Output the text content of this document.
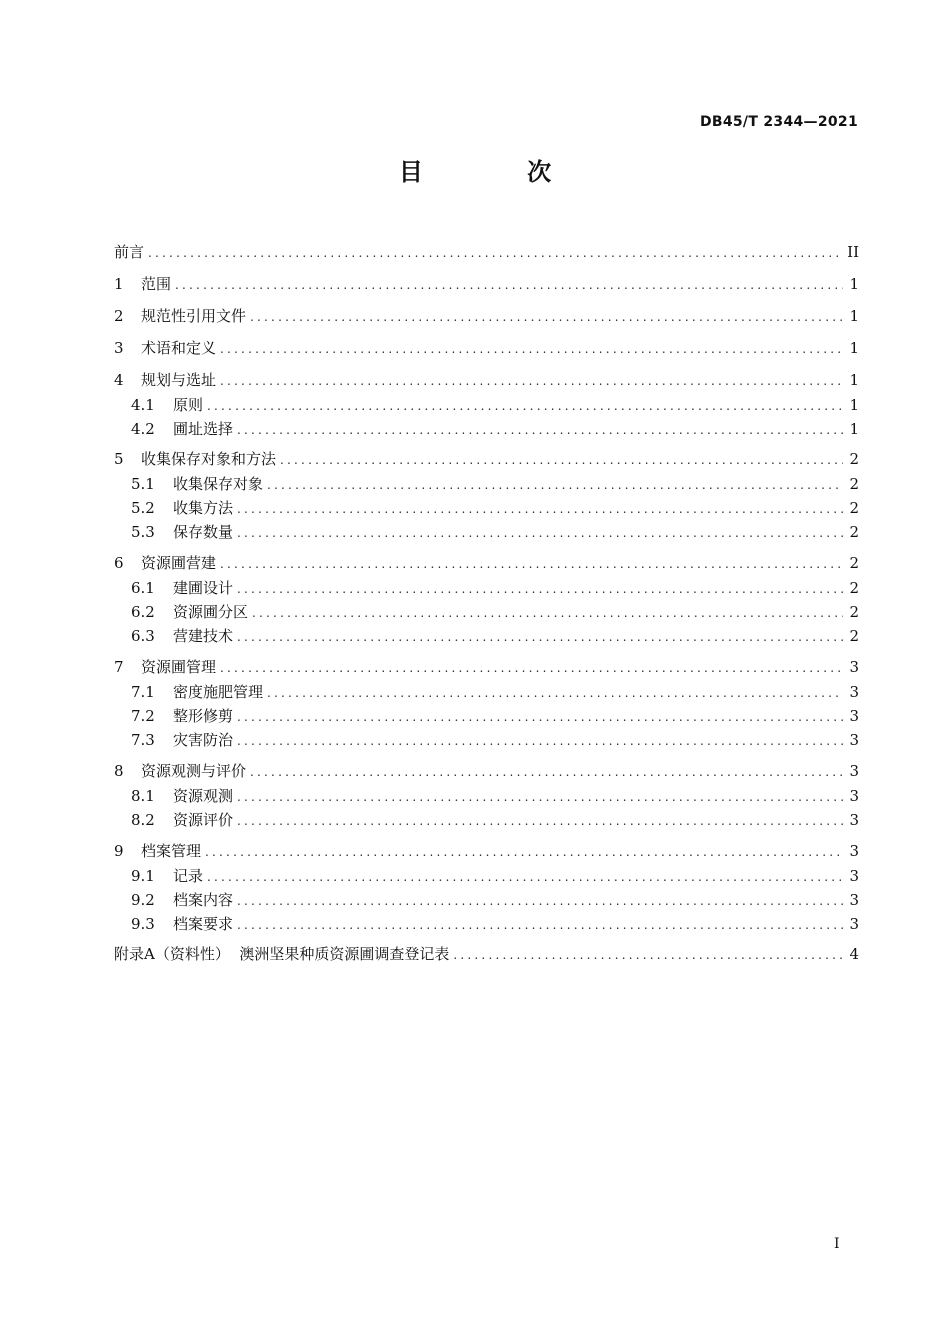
DB45/T 2344—2021
目 次
前言 .....	II
1	范围 .....	1
2	规范性引用文件 .....	1
3	术语和定义 .....	1
4	规划与选址 .....	1
4.1	原则 .....	1
4.2	圃址选择 .....	1
5	收集保存对象和方法 .....	2
5.1	收集保存对象 .....	2
5.2	收集方法 .....	2
5.3	保存数量 .....	2
6	资源圃营建 .....	2
6.1	建圃设计 .....	2
6.2	资源圃分区 .....	2
6.3	营建技术 .....	2
7	资源圃管理 .....	3
7.1	密度施肥管理 .....	3
7.2	整形修剪 .....	3
7.3	灾害防治 .....	3
8	资源观测与评价 .....	3
8.1	资源观测 .....	3
8.2	资源评价 .....	3
9	档案管理 .....	3
9.1	记录 .....	3
9.2	档案内容 .....	3
9.3	档案要求 .....	3
附录A（资料性）  澳洲坚果种质资源圃调查登记表 .....	4
I
